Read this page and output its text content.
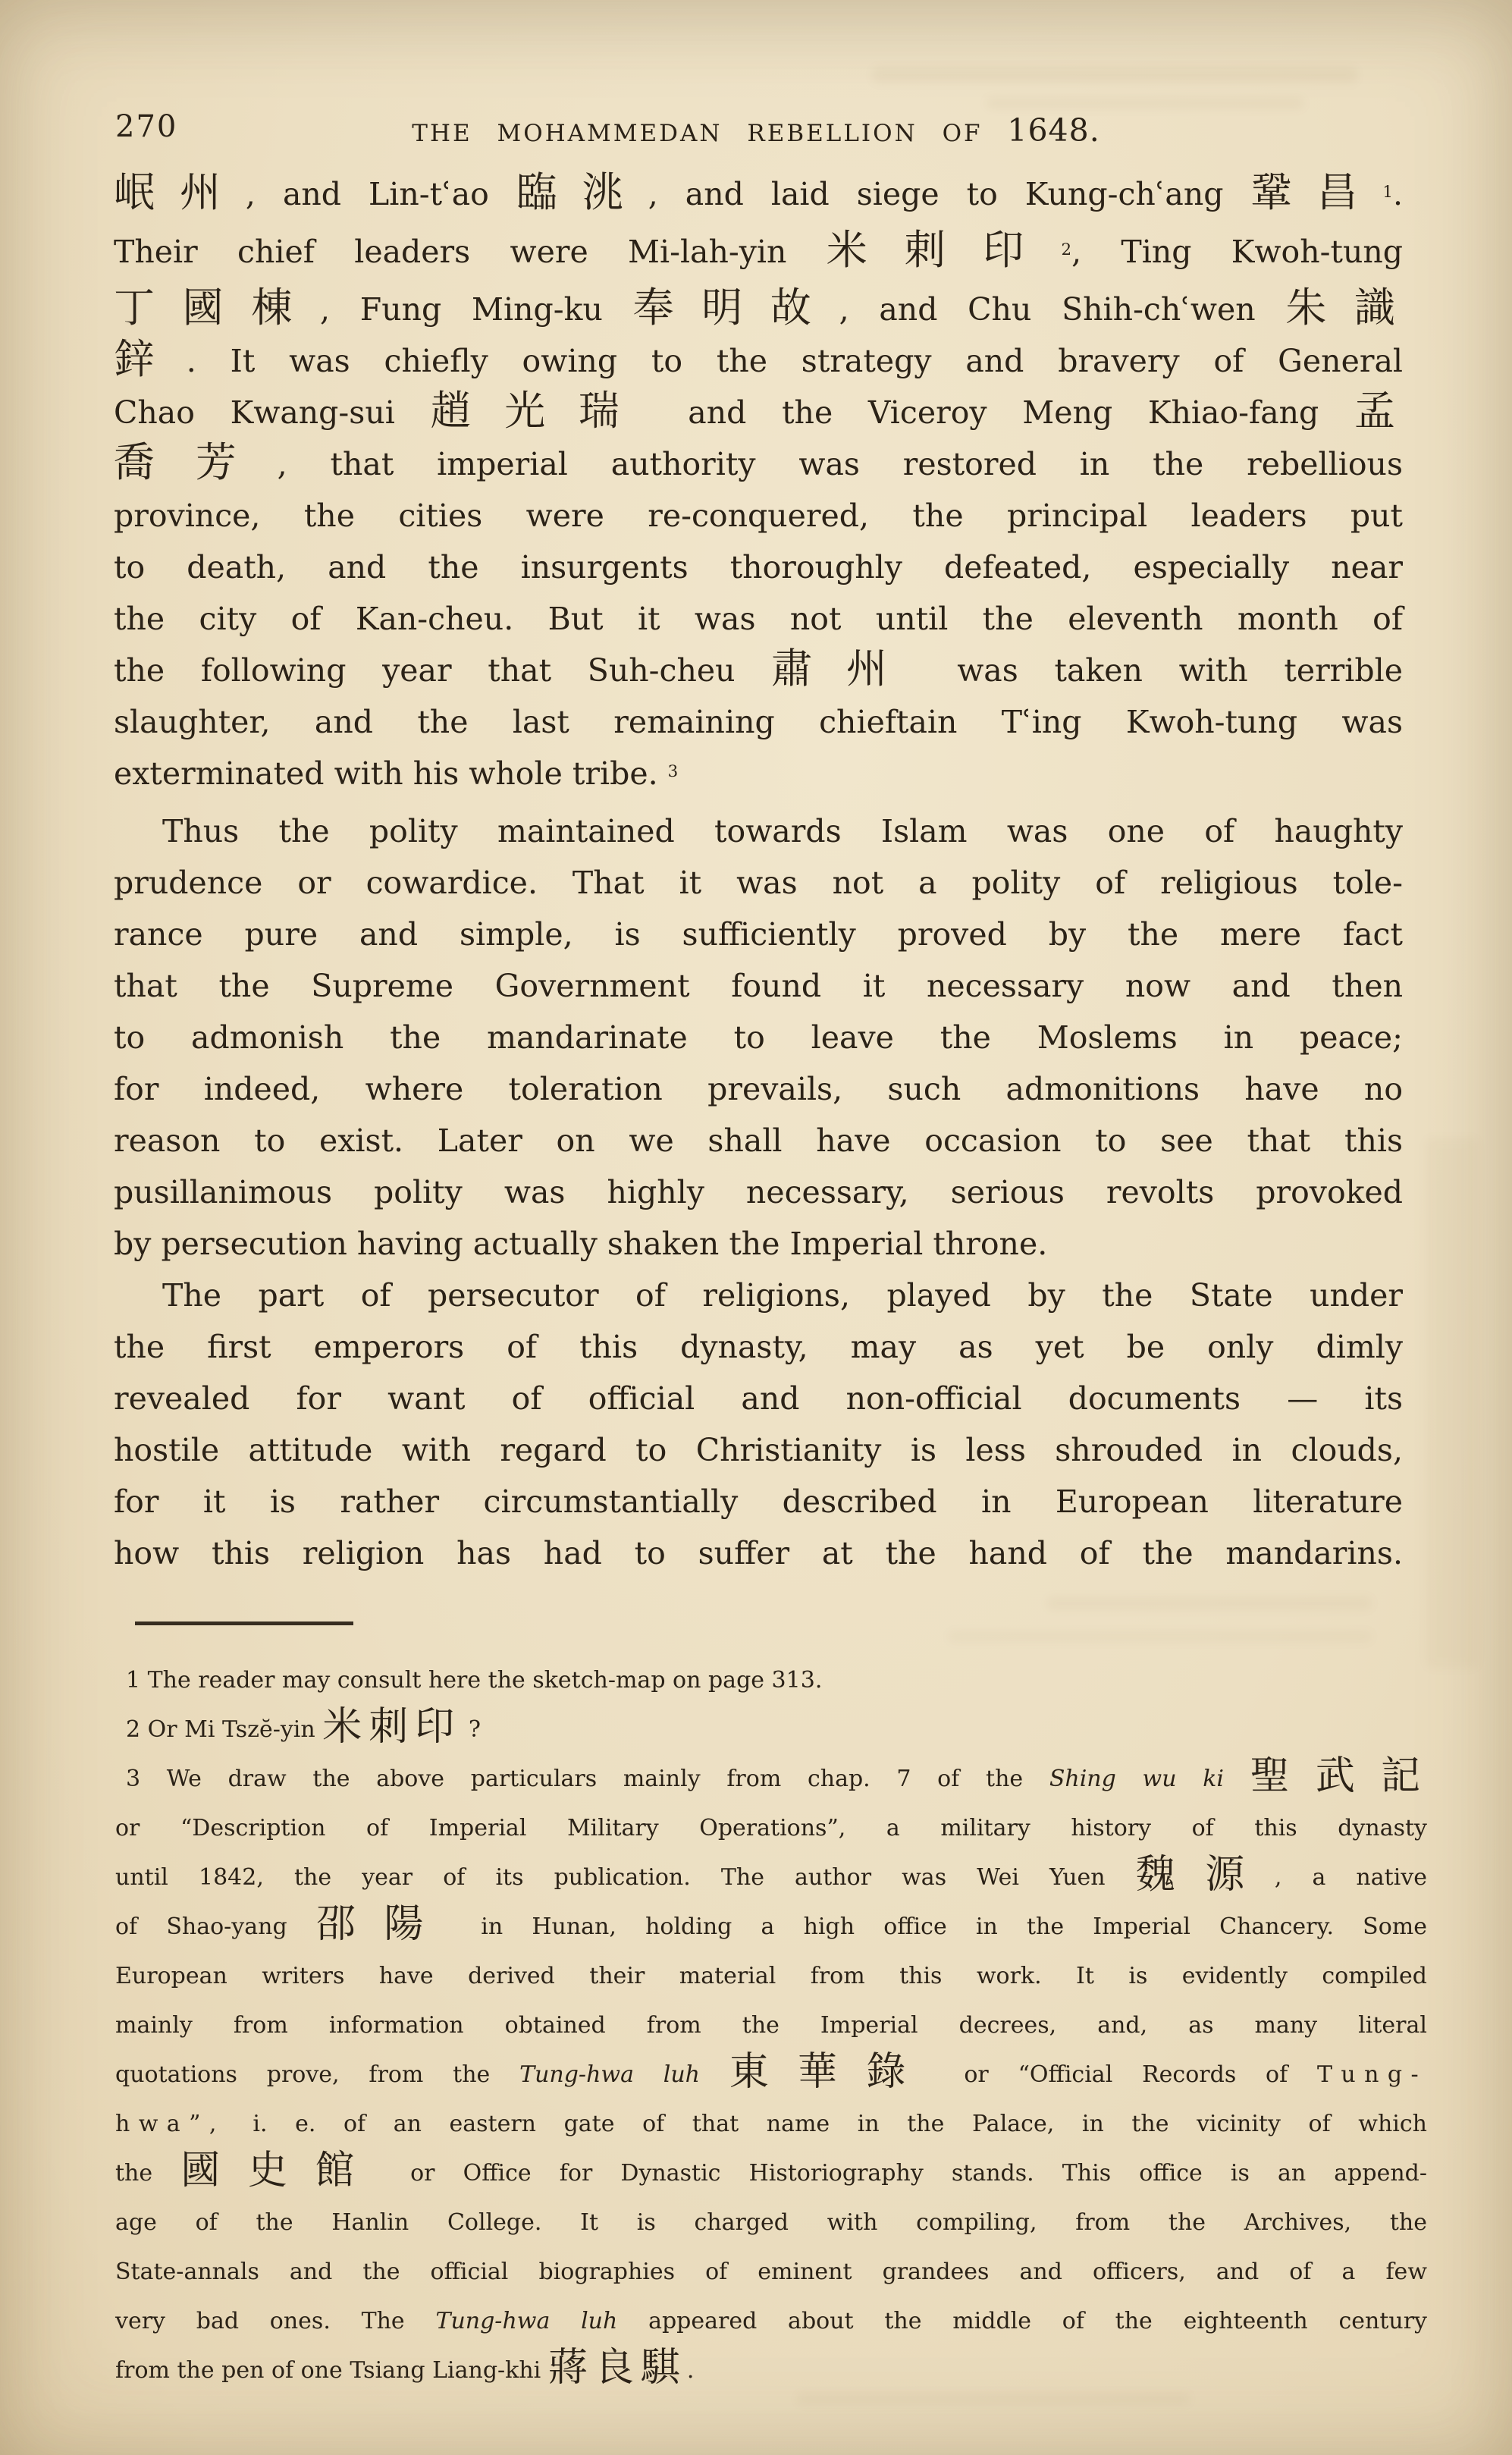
270	THE MOHAMMEDAN REBELLION OF 1648.
岷州, and Lin-tʿao 臨洮, and laid siege to Kung-chʿang 鞏昌$^1$.
Their chief leaders were Mi-lah-yin 米剌印$^2$, Ting Kwoh-tung
丁國棟, Fung Ming-ku 奉明故, and Chu Shih-chʿwen 朱識
鋅. It was chiefly owing to the strategy and bravery of General
Chao Kwang-sui 趙光瑞 and the Viceroy Meng Khiao-fang 孟
喬芳, that imperial authority was restored in the rebellious
province, the cities were re-conquered, the principal leaders put
to death, and the insurgents thoroughly defeated, especially near
the city of Kan-cheu. But it was not until the eleventh month of
the following year that Suh-cheu 肅州 was taken with terrible
slaughter, and the last remaining chieftain Tʿing Kwoh-tung was
exterminated with his whole tribe. $^3$
Thus the polity maintained towards Islam was one of haughty
prudence or cowardice. That it was not a polity of religious tole-
rance pure and simple, is sufficiently proved by the mere fact
that the Supreme Government found it necessary now and then
to admonish the mandarinate to leave the Moslems in peace;
for indeed, where toleration prevails, such admonitions have no
reason to exist. Later on we shall have occasion to see that this
pusillanimous polity was highly necessary, serious revolts provoked
by persecution having actually shaken the Imperial throne.
The part of persecutor of religions, played by the State under
the first emperors of this dynasty, may as yet be only dimly
revealed for want of official and non-official documents — its
hostile attitude with regard to Christianity is less shrouded in clouds,
for it is rather circumstantially described in European literature
how this religion has had to suffer at the hand of the mandarins.
1 The reader may consult here the sketch-map on page 313.
2 Or Mi Tszĕ-yin 米刺印 ?
3 We draw the above particulars mainly from chap. 7 of the Shing wu ki 聖武記
or “Description of Imperial Military Operations”, a military history of this dynasty
until 1842, the year of its publication. The author was Wei Yuen 魏源, a native
of Shao-yang 邵陽 in Hunan, holding a high office in the Imperial Chancery. Some
European writers have derived their material from this work. It is evidently compiled
mainly from information obtained from the Imperial decrees, and, as many literal
quotations prove, from the Tung-hwa luh 東華錄 or “Official Records of Tung-
hwa”, i. e. of an eastern gate of that name in the Palace, in the vicinity of which
the 國史館 or Office for Dynastic Historiography stands. This office is an append-
age of the Hanlin College. It is charged with compiling, from the Archives, the
State-annals and the official biographies of eminent grandees and officers, and of a few
very bad ones. The Tung-hwa luh appeared about the middle of the eighteenth century
from the pen of one Tsiang Liang-khi 蔣良騏.
